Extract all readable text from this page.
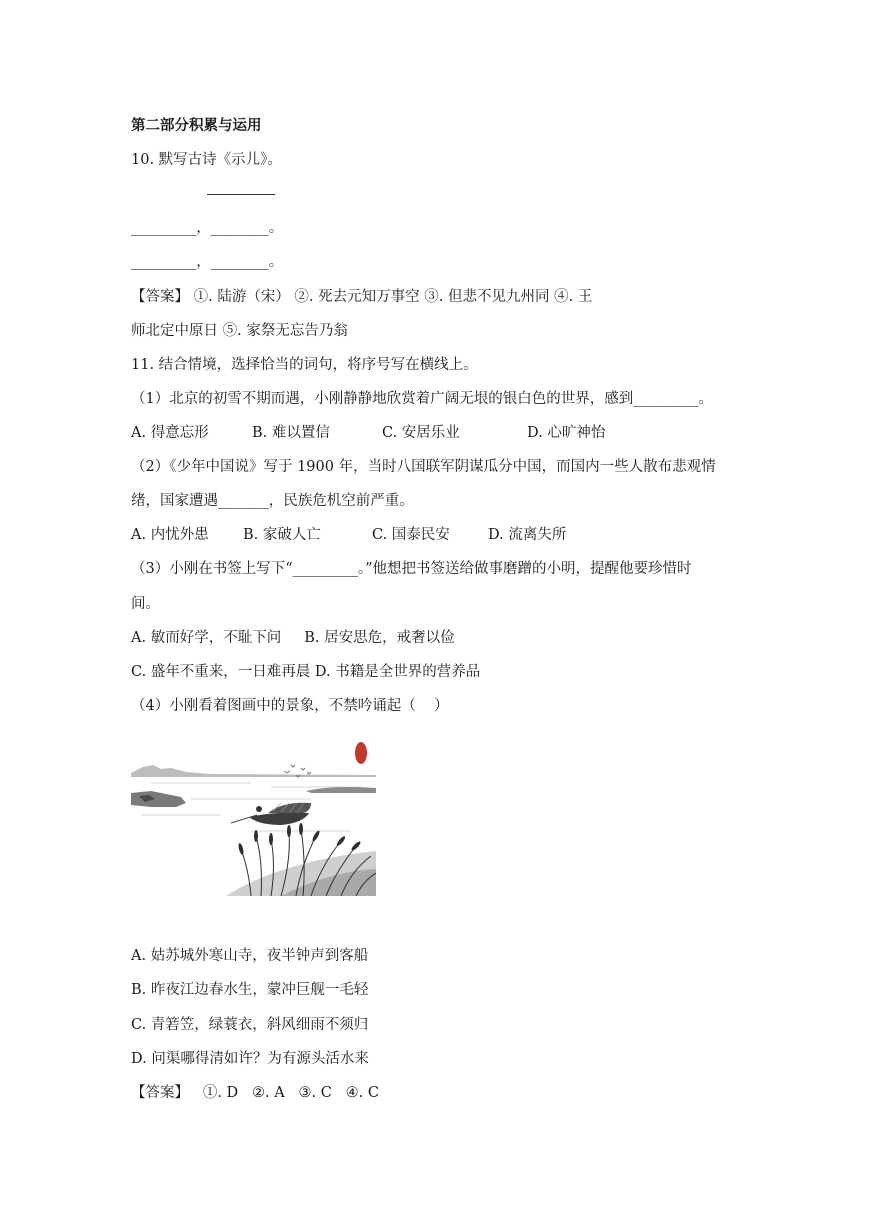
第二部分积累与运用
10. 默写古诗《示儿》。
_________，________。
_________，________。
【答案】 ①. 陆游（宋） ②. 死去元知万事空 ③. 但悲不见九州同 ④. 王
师北定中原日 ⑤. 家祭无忘告乃翁
11. 结合情境，选择恰当的词句，将序号写在横线上。
（1）北京的初雪不期而遇，小刚静静地欣赏着广阔无垠的银白色的世界，感到_________。
A. 得意忘形	B. 难以置信	C. 安居乐业	D. 心旷神怡
（2）《少年中国说》写于 1900 年，当时八国联军阴谋瓜分中国，而国内一些人散布悲观情
绪，国家遭遇_______，民族危机空前严重。
A. 内忧外患 B. 家破人亡	C. 国泰民安	D. 流离失所
（3）小刚在书签上写下“_________。”他想把书签送给做事磨蹭的小明，提醒他要珍惜时
间。
A. 敏而好学，不耻下问     B. 居安思危，戒奢以俭
C. 盛年不重来，一日难再晨 D. 书籍是全世界的营养品
（4）小刚看着图画中的景象，不禁吟诵起（    ）
A. 姑苏城外寒山寺，夜半钟声到客船
B. 昨夜江边春水生，蒙冲巨舰一毛轻
C. 青箬笠，绿蓑衣，斜风细雨不须归
D. 问渠哪得清如许？为有源头活水来
【答案】   ①. D   ②. A   ③. C   ④. C
